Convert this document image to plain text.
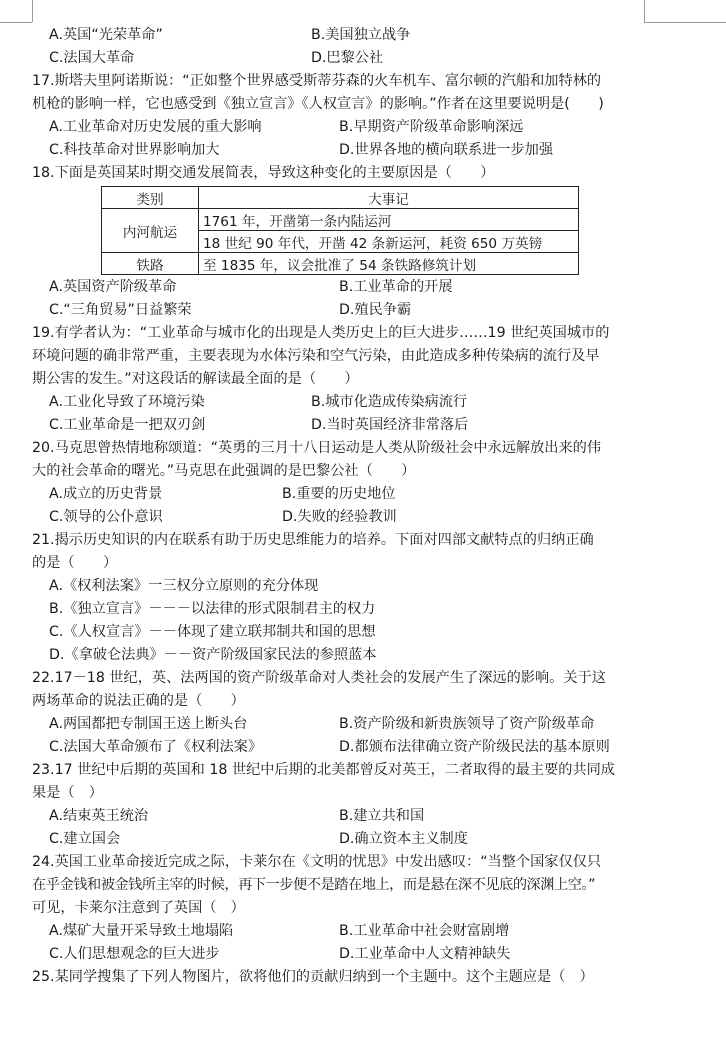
A.英国“光荣革命”	B.美国独立战争
C.法国大革命	D.巴黎公社
17.斯塔夫里阿诺斯说：“正如整个世界感受斯蒂芬森的火车机车、富尔顿的汽船和加特林的
机枪的影响一样，它也感受到《独立宣言》《人权宣言》的影响。”作者在这里要说明是(　　)
A.工业革命对历史发展的重大影响	B.早期资产阶级革命影响深远
C.科技革命对世界影响加大	D.世界各地的横向联系进一步加强
18.下面是英国某时期交通发展简表，导致这种变化的主要原因是（　　）
类别	大事记
内河航运	1761 年，开凿第一条内陆运河
	18 世纪 90 年代，开凿 42 条新运河，耗资 650 万英镑
铁路	至 1835 年，议会批准了 54 条铁路修筑计划
A.英国资产阶级革命	B.工业革命的开展
C.“三角贸易”日益繁荣	D.殖民争霸
19.有学者认为：“工业革命与城市化的出现是人类历史上的巨大进步……19 世纪英国城市的
环境问题的确非常严重，主要表现为水体污染和空气污染，由此造成多种传染病的流行及早
期公害的发生。”对这段话的解读最全面的是（　　）
A.工业化导致了环境污染	B.城市化造成传染病流行
C.工业革命是一把双刃剑	D.当时英国经济非常落后
20.马克思曾热情地称颂道：“英勇的三月十八日运动是人类从阶级社会中永远解放出来的伟
大的社会革命的曙光。”马克思在此强调的是巴黎公社（　　）
A.成立的历史背景	B.重要的历史地位
C.领导的公仆意识	D.失败的经验教训
21.揭示历史知识的内在联系有助于历史思维能力的培养。下面对四部文献特点的归纳正确
的是（　　）
A.《权利法案》一三权分立原则的充分体现
B.《独立宣言》－－－以法律的形式限制君主的权力
C.《人权宣言》－－体现了建立联邦制共和国的思想
D.《拿破仑法典》－－资产阶级国家民法的参照蓝本
22.17－18 世纪，英、法两国的资产阶级革命对人类社会的发展产生了深远的影响。关于这
两场革命的说法正确的是（　　）
A.两国都把专制国王送上断头台	B.资产阶级和新贵族领导了资产阶级革命
C.法国大革命颁布了《权利法案》	D.都颁布法律确立资产阶级民法的基本原则
23.17 世纪中后期的英国和 18 世纪中后期的北美都曾反对英王，二者取得的最主要的共同成
果是（　）
A.结束英王统治	B.建立共和国
C.建立国会	D.确立资本主义制度
24.英国工业革命接近完成之际，卡莱尔在《文明的忧思》中发出感叹：“当整个国家仅仅只
在乎金钱和被金钱所主宰的时候，再下一步便不是踏在地上，而是悬在深不见底的深渊上空。”
可见，卡莱尔注意到了英国（　）
A.煤矿大量开采导致土地塌陷	B.工业革命中社会财富剧增
C.人们思想观念的巨大进步	D.工业革命中人文精神缺失
25.某同学搜集了下列人物图片，欲将他们的贡献归纳到一个主题中。这个主题应是（　）
